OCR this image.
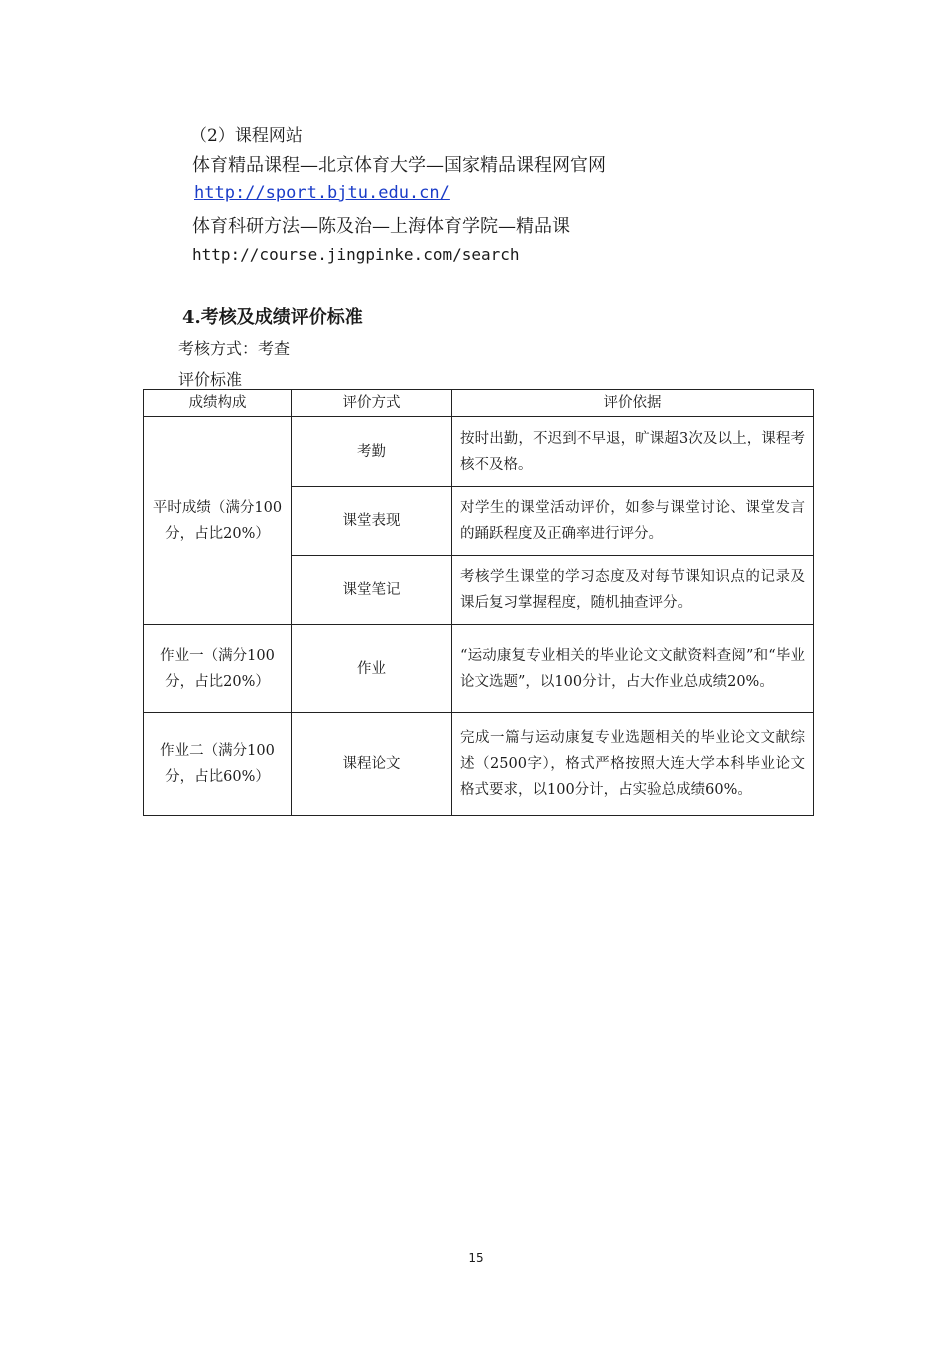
（2）课程网站
体育精品课程—北京体育大学—国家精品课程网官网
http://sport.bjtu.edu.cn/
体育科研方法—陈及治—上海体育学院—精品课
http://course.jingpinke.com/search
4.考核及成绩评价标准
考核方式：考查
评价标准
成绩构成	评价方式	评价依据
平时成绩（满分100分，占比20%）	考勤	按时出勤，不迟到不早退，旷课超3次及以上，课程考核不及格。
	课堂表现	对学生的课堂活动评价，如参与课堂讨论、课堂发言的踊跃程度及正确率进行评分。
	课堂笔记	考核学生课堂的学习态度及对每节课知识点的记录及课后复习掌握程度，随机抽查评分。
作业一（满分100分，占比20%）	作业	“运动康复专业相关的毕业论文文献资料查阅”和“毕业论文选题”，以100分计，占大作业总成绩20%。
作业二（满分100分，占比60%）	课程论文	完成一篇与运动康复专业选题相关的毕业论文文献综述（2500字），格式严格按照大连大学本科毕业论文格式要求，以100分计，占实验总成绩60%。
15
